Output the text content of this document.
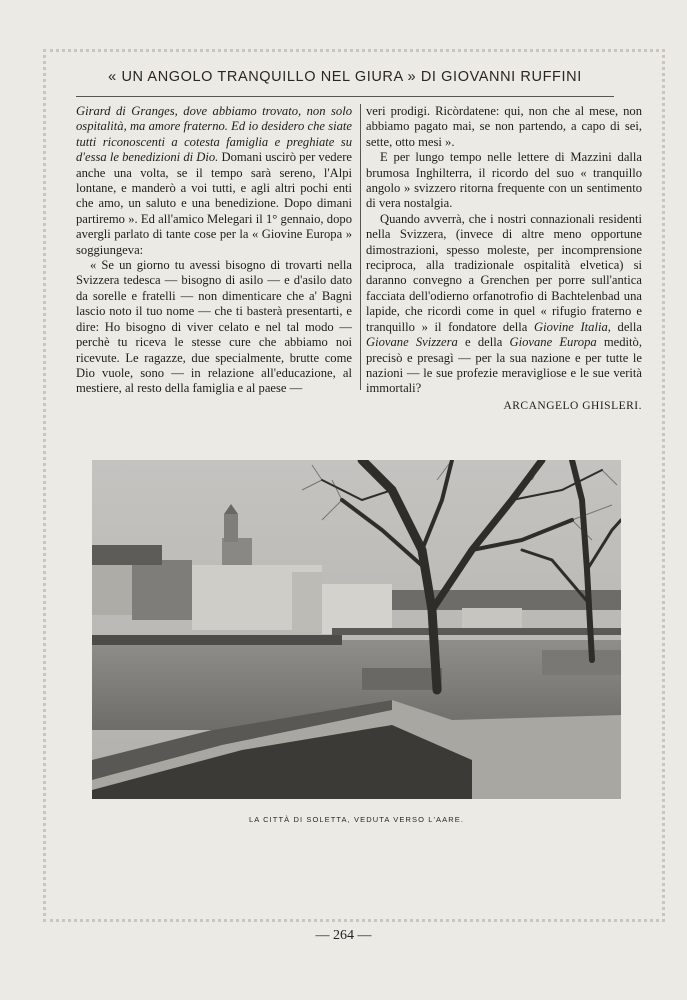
« UN ANGOLO TRANQUILLO NEL GIURA » DI GIOVANNI RUFFINI

Girard di Granges, dove abbiamo trovato, non solo ospitalità, ma amore fraterno. Ed io desidero che siate tutti riconoscenti a cotesta famiglia e preghiate su d'essa le benedizioni di Dio. Domani uscirò per vedere anche una volta, se il tempo sarà sereno, l'Alpi lontane, e manderò a voi tutti, e agli altri pochi enti che amo, un saluto e una benedizione. Dopo dimani partiremo ». Ed all'amico Melegari il 1° gennaio, dopo avergli parlato di tante cose per la « Giovine Europa » soggiungeva:

« Se un giorno tu avessi bisogno di trovarti nella Svizzera tedesca — bisogno di asilo — e d'asilo dato da sorelle e fratelli — non dimenticare che a' Bagni lascio noto il tuo nome — che ti basterà presentarti, e dire: Ho bisogno di viver celato e nel tal modo — perchè tu riceva le stesse cure che abbiamo noi ricevute. Le ragazze, due specialmente, brutte come Dio vuole, sono — in relazione all'educazione, al mestiere, al resto della famiglia e al paese —

veri prodigi. Ricòrdatene: qui, non che al mese, non abbiamo pagato mai, se non partendo, a capo di sei, sette, otto mesi ».

E per lungo tempo nelle lettere di Mazzini dalla brumosa Inghilterra, il ricordo del suo « tranquillo angolo » svizzero ritorna frequente con un sentimento di vera nostalgia.

Quando avverrà, che i nostri connazionali residenti nella Svizzera, (invece di altre meno opportune dimostrazioni, spesso moleste, per incomprensione reciproca, alla tradizionale ospitalità elvetica) si daranno convegno a Grenchen per porre sull'antica facciata dell'odierno orfanotrofio di Bachtelenbad una lapide, che ricordi come in quel « rifugio fraterno e tranquillo » il fondatore della Giovine Italia, della Giovane Svizzera e della Giovane Europa meditò, precisò e presagì — per la sua nazione e per tutte le nazioni — le sue profezie meravigliose e le sue verità immortali?

ARCANGELO GHISLERI.

LA CITTÀ DI SOLETTA, VEDUTA VERSO L'AARE.
— 264 —
